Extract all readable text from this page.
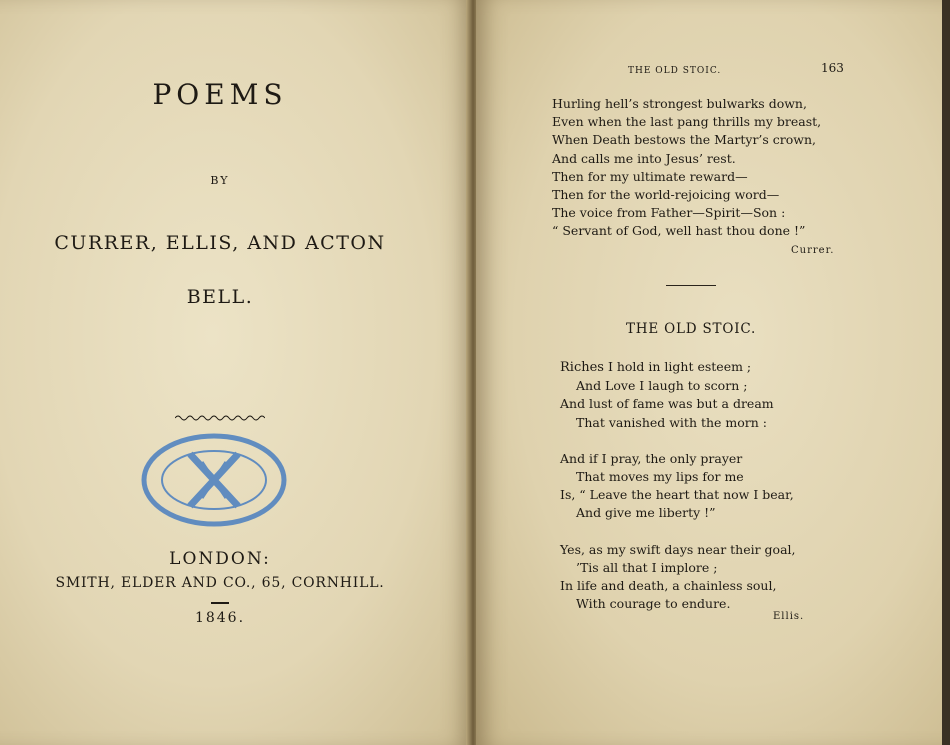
POEMS
BY
CURRER, ELLIS, AND ACTON
BELL.
LONDON:
SMITH, ELDER AND CO., 65, CORNHILL.
1846.
THE OLD STOIC.	163
Hurling hell’s strongest bulwarks down,
Even when the last pang thrills my breast,
When Death bestows the Martyr’s crown,
And calls me into Jesus’ rest.
Then for my ultimate reward—
Then for the world-rejoicing word—
The voice from Father—Spirit—Son :
“ Servant of God, well hast thou done !”
Currer.
THE OLD STOIC.
Riches I hold in light esteem ;
And Love I laugh to scorn ;
And lust of fame was but a dream
That vanished with the morn :
And if I pray, the only prayer
That moves my lips for me
Is, “ Leave the heart that now I bear,
And give me liberty !”
Yes, as my swift days near their goal,
’Tis all that I implore ;
In life and death, a chainless soul,
With courage to endure.
Ellis.
